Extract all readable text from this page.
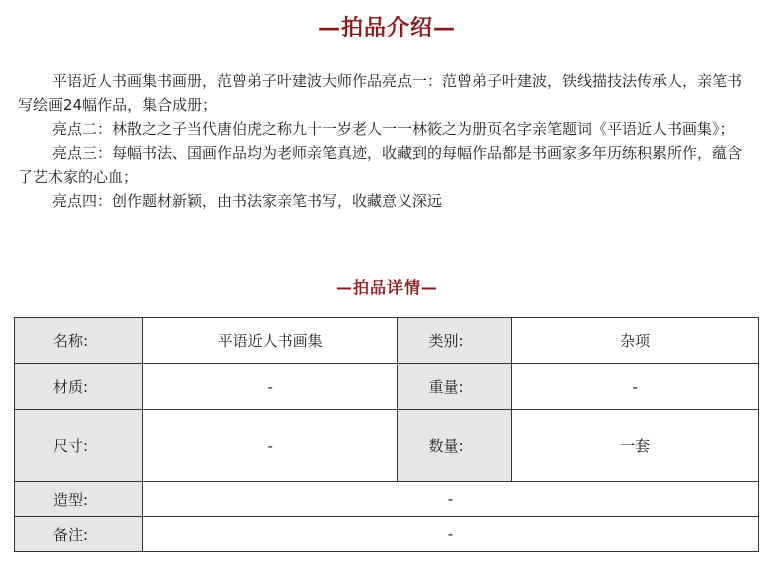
—拍品介绍—

平语近人书画集书画册，范曾弟子叶建波大师作品亮点一：范曾弟子叶建波，铁线描技法传承人，亲笔书写绘画24幅作品，集合成册；

亮点二：林散之之子当代唐伯虎之称九十一岁老人一一林筱之为册页名字亲笔题词《平语近人书画集》；

亮点三：每幅书法、国画作品均为老师亲笔真迹，收藏到的每幅作品都是书画家多年历练积累所作，蕴含

了艺术家的心血；

亮点四：创作题材新颖，由书法家亲笔书写，收藏意义深远

—拍品详情—
名称:	平语近人书画集	类别:	杂项
材质:	-	重量:	-
尺寸:	-	数量:	一套
造型:	-		
备注:	-		
